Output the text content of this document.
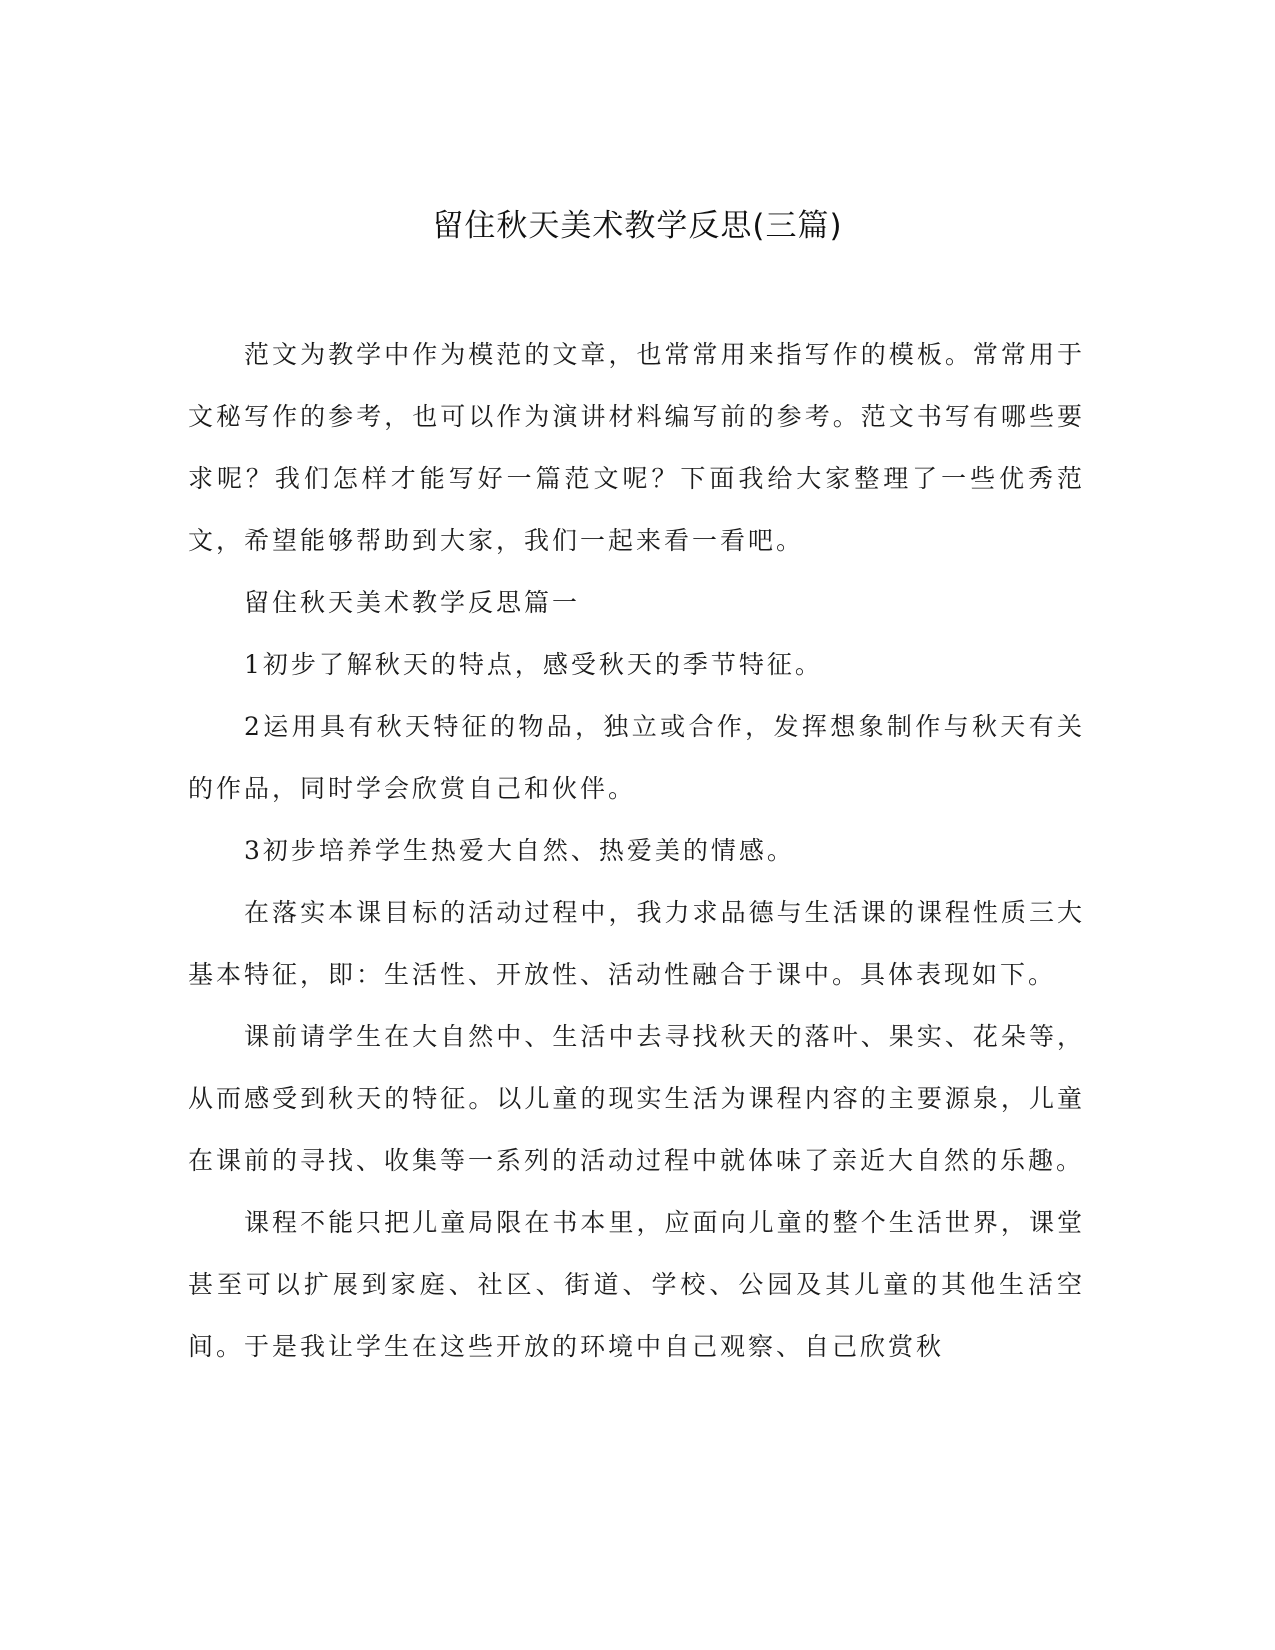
留住秋天美术教学反思(三篇)

范文为教学中作为模范的文章，也常常用来指写作的模板。常常用于文秘写作的参考，也可以作为演讲材料编写前的参考。范文书写有哪些要求呢？我们怎样才能写好一篇范文呢？下面我给大家整理了一些优秀范文，希望能够帮助到大家，我们一起来看一看吧。

留住秋天美术教学反思篇一

1初步了解秋天的特点，感受秋天的季节特征。

2运用具有秋天特征的物品，独立或合作，发挥想象制作与秋天有关的作品，同时学会欣赏自己和伙伴。

3初步培养学生热爱大自然、热爱美的情感。

在落实本课目标的活动过程中，我力求品德与生活课的课程性质三大基本特征，即：生活性、开放性、活动性融合于课中。具体表现如下。

课前请学生在大自然中、生活中去寻找秋天的落叶、果实、花朵等，从而感受到秋天的特征。以儿童的现实生活为课程内容的主要源泉，儿童在课前的寻找、收集等一系列的活动过程中就体味了亲近大自然的乐趣。

课程不能只把儿童局限在书本里，应面向儿童的整个生活世界，课堂甚至可以扩展到家庭、社区、街道、学校、公园及其儿童的其他生活空间。于是我让学生在这些开放的环境中自己观察、自己欣赏秋
